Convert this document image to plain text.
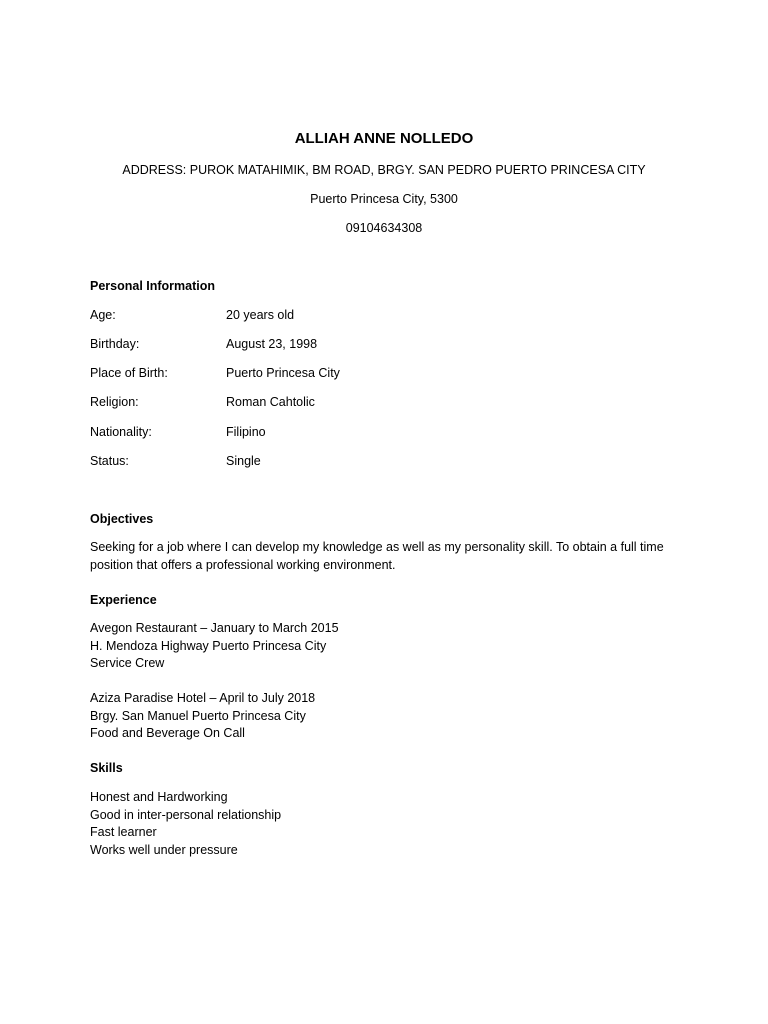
ALLIAH ANNE NOLLEDO
ADDRESS: PUROK MATAHIMIK, BM ROAD, BRGY. SAN PEDRO PUERTO PRINCESA CITY
Puerto Princesa City, 5300
09104634308
Personal Information
Age:	20 years old
Birthday:	August 23, 1998
Place of Birth:	Puerto Princesa City
Religion:	Roman Cahtolic
Nationality:	Filipino
Status:	Single
Objectives
Seeking for a job where I can develop my knowledge as well as my personality skill. To obtain a full time position that offers a professional working environment.
Experience
Avegon Restaurant – January to March 2015
H. Mendoza Highway Puerto Princesa City
Service Crew
Aziza Paradise Hotel – April to July 2018
Brgy. San Manuel Puerto Princesa City
Food and Beverage On Call
Skills
Honest and Hardworking
Good in inter-personal relationship
Fast learner
Works well under pressure
